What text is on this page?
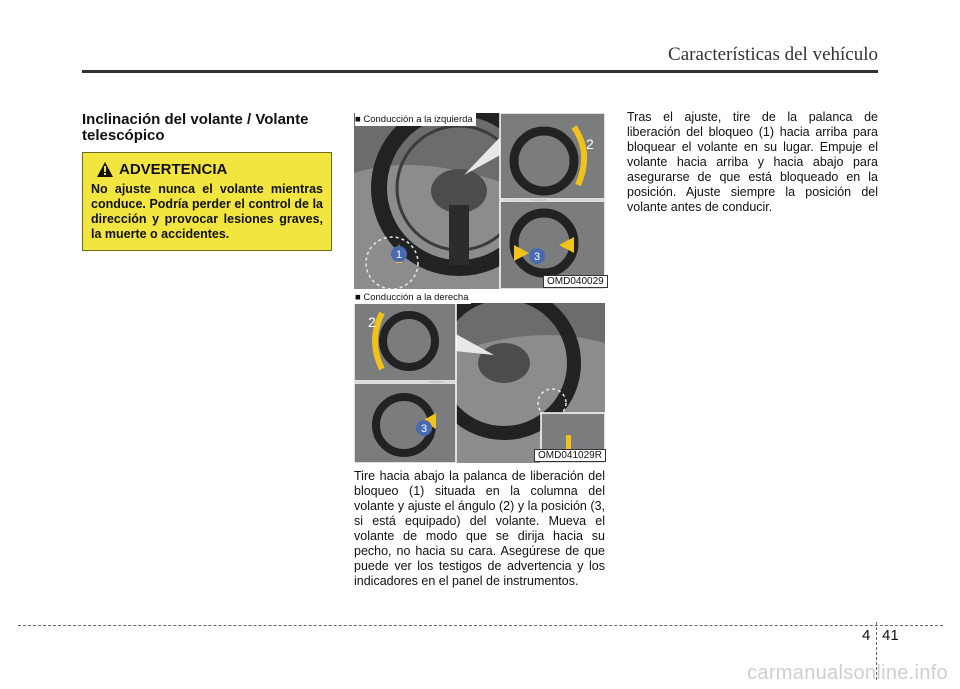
Características del vehículo
Inclinación del volante / Volante telescópico
ADVERTENCIA
No ajuste nunca el volante mientras conduce. Podría perder el control de la dirección y provocar lesiones graves, la muerte o accidentes.
■ Conducción a la izquierda
1
2
3
OMD040029
■ Conducción a la derecha
2
3
OMD041029R
Tire hacia abajo la palanca de liberación del bloqueo (1) situada en la columna del volante y ajuste el ángulo (2) y la posición (3, si está equipado) del volante. Mueva el volante de modo que se dirija hacia su pecho, no hacia su cara. Asegúrese de que puede ver los testigos de advertencia y los indicadores en el panel de instrumentos.
Tras el ajuste, tire de la palanca de liberación del bloqueo (1) hacia arriba para bloquear el volante en su lugar. Empuje el volante hacia arriba y hacia abajo para asegurarse de que está bloqueado en la posición. Ajuste siempre la posición del volante antes de conducir.
4 41
carmanualsonline.info
